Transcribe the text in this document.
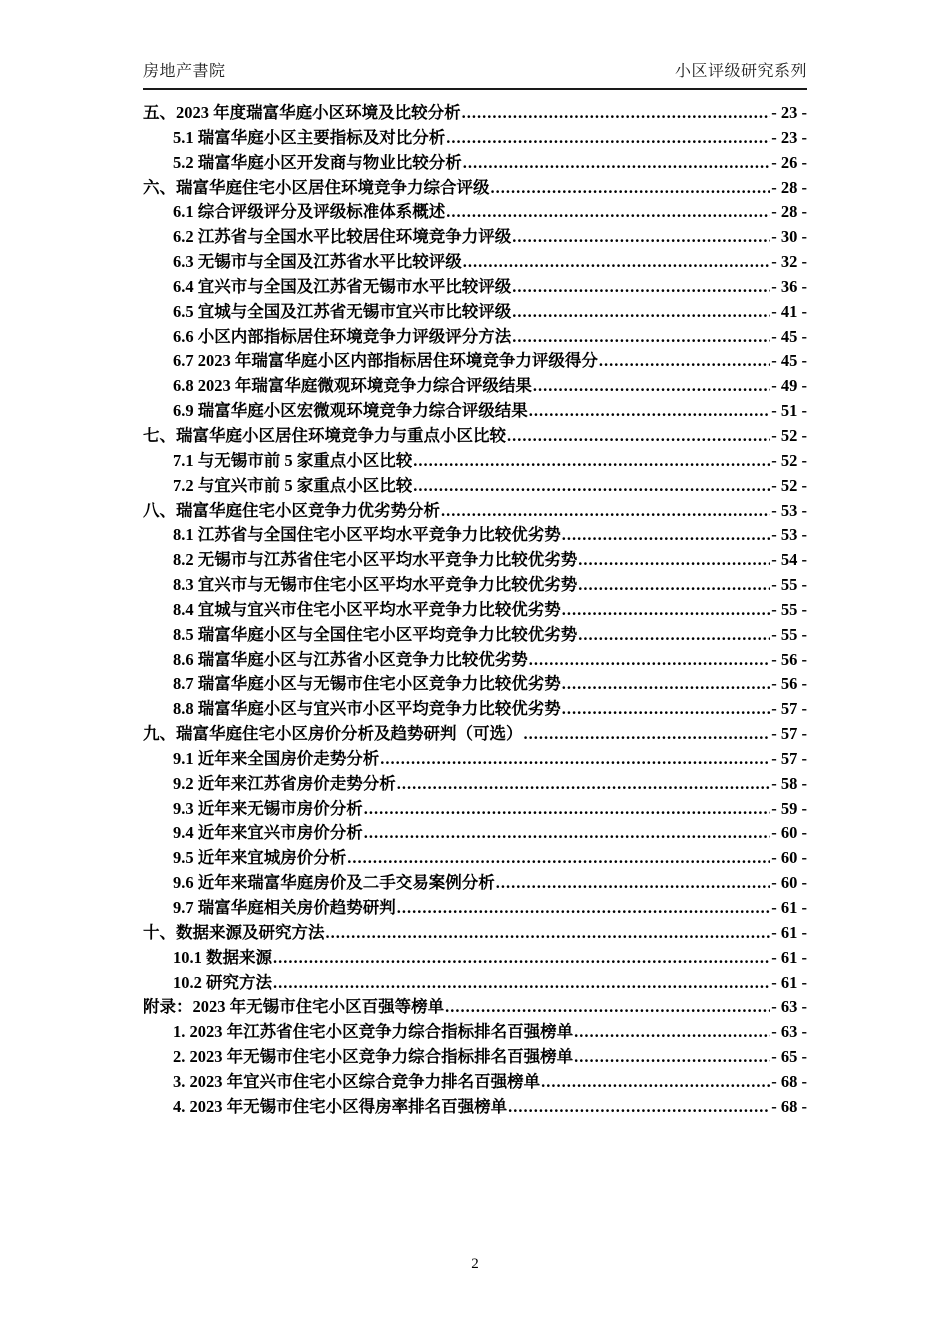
房地产書院	小区评级研究系列
五、2023 年度瑞富华庭小区环境及比较分析 .....	- 23 -
5.1 瑞富华庭小区主要指标及对比分析 .....	- 23 -
5.2 瑞富华庭小区开发商与物业比较分析 .....	- 26 -
六、瑞富华庭住宅小区居住环境竞争力综合评级 .....	- 28 -
6.1 综合评级评分及评级标准体系概述 .....	- 28 -
6.2 江苏省与全国水平比较居住环境竞争力评级 .....	- 30 -
6.3 无锡市与全国及江苏省水平比较评级 .....	- 32 -
6.4 宜兴市与全国及江苏省无锡市水平比较评级 .....	- 36 -
6.5 宜城与全国及江苏省无锡市宜兴市比较评级 .....	- 41 -
6.6 小区内部指标居住环境竞争力评级评分方法 .....	- 45 -
6.7 2023 年瑞富华庭小区内部指标居住环境竞争力评级得分 .....	- 45 -
6.8 2023 年瑞富华庭微观环境竞争力综合评级结果 .....	- 49 -
6.9 瑞富华庭小区宏微观环境竞争力综合评级结果 .....	- 51 -
七、瑞富华庭小区居住环境竞争力与重点小区比较 .....	- 52 -
7.1 与无锡市前 5 家重点小区比较 .....	- 52 -
7.2 与宜兴市前 5 家重点小区比较 .....	- 52 -
八、瑞富华庭住宅小区竞争力优劣势分析 .....	- 53 -
8.1 江苏省与全国住宅小区平均水平竞争力比较优劣势 .....	- 53 -
8.2 无锡市与江苏省住宅小区平均水平竞争力比较优劣势 .....	- 54 -
8.3 宜兴市与无锡市住宅小区平均水平竞争力比较优劣势 .....	- 55 -
8.4 宜城与宜兴市住宅小区平均水平竞争力比较优劣势 .....	- 55 -
8.5 瑞富华庭小区与全国住宅小区平均竞争力比较优劣势 .....	- 55 -
8.6 瑞富华庭小区与江苏省小区竞争力比较优劣势 .....	- 56 -
8.7 瑞富华庭小区与无锡市住宅小区竞争力比较优劣势 .....	- 56 -
8.8 瑞富华庭小区与宜兴市小区平均竞争力比较优劣势 .....	- 57 -
九、瑞富华庭住宅小区房价分析及趋势研判（可选） .....	- 57 -
9.1 近年来全国房价走势分析 .....	- 57 -
9.2 近年来江苏省房价走势分析 .....	- 58 -
9.3 近年来无锡市房价分析 .....	- 59 -
9.4 近年来宜兴市房价分析 .....	- 60 -
9.5 近年来宜城房价分析 .....	- 60 -
9.6 近年来瑞富华庭房价及二手交易案例分析 .....	- 60 -
9.7 瑞富华庭相关房价趋势研判 .....	- 61 -
十、数据来源及研究方法 .....	- 61 -
10.1 数据来源 .....	- 61 -
10.2 研究方法 .....	- 61 -
附录：2023 年无锡市住宅小区百强等榜单 .....	- 63 -
1. 2023 年江苏省住宅小区竞争力综合指标排名百强榜单 .....	- 63 -
2. 2023 年无锡市住宅小区竞争力综合指标排名百强榜单 .....	- 65 -
3. 2023 年宜兴市住宅小区综合竞争力排名百强榜单 .....	- 68 -
4. 2023 年无锡市住宅小区得房率排名百强榜单 .....	- 68 -
2
